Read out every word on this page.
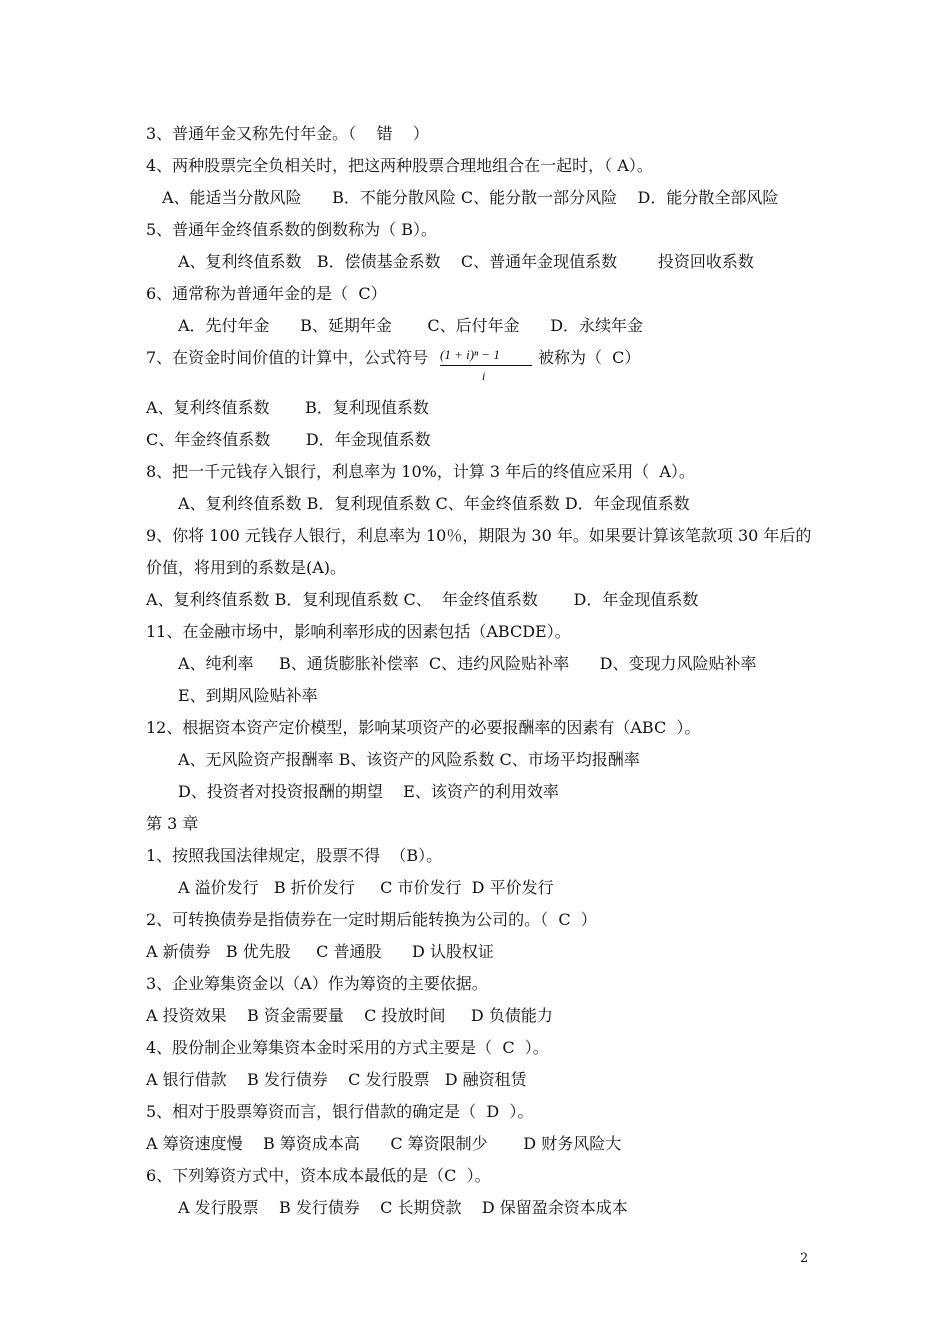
3、普通年金又称先付年金。（    错    ）
4、两种股票完全负相关时，把这两种股票合理地组合在一起时，（ A）。
A、能适当分散风险      B．不能分散风险 C、能分散一部分风险    D．能分散全部风险
5、普通年金终值系数的倒数称为（ B）。
A、复利终值系数   B．偿债基金系数    C、普通年金现值系数        投资回收系数
6、通常称为普通年金的是（  C）
A．先付年金      B、延期年金       C、后付年金      D．永续年金
7、在资金时间价值的计算中，公式符号 $\frac{\text{(1 + i)ⁿ − 1}}{i}$ 被称为（  C）
A、复利终值系数       B．复利现值系数
C、年金终值系数       D．年金现值系数
8、把一千元钱存入银行，利息率为 10%，计算 3 年后的终值应采用（  A）。
A、复利终值系数 B．复利现值系数 C、年金终值系数 D．年金现值系数
9、你将 100 元钱存人银行，利息率为 10％，期限为 30 年。如果要计算该笔款项 30 年后的
价值，将用到的系数是(A)。
A、复利终值系数 B．复利现值系数 C、  年金终值系数       D．年金现值系数
11、在金融市场中，影响利率形成的因素包括（ABCDE）。
A、纯利率     B、通货膨胀补偿率  C、违约风险贴补率      D、变现力风险贴补率
E、到期风险贴补率
12、根据资本资产定价模型，影响某项资产的必要报酬率的因素有（ABC  ）。
A、无风险资产报酬率 B、该资产的风险系数 C、市场平均报酬率
D、投资者对投资报酬的期望    E、该资产的利用效率
第 3 章
1、按照我国法律规定，股票不得  （B）。
A 溢价发行   B 折价发行     C 市价发行  D 平价发行
2、可转换债券是指债券在一定时期后能转换为公司的。（  C  ）
A 新债券   B 优先股     C 普通股      D 认股权证
3、企业筹集资金以（A）作为筹资的主要依据。
A 投资效果    B 资金需要量    C 投放时间     D 负债能力
4、股份制企业筹集资本金时采用的方式主要是（  C  ）。
A 银行借款    B 发行债券    C 发行股票   D 融资租赁
5、相对于股票筹资而言，银行借款的确定是（  D  ）。
A 筹资速度慢    B 筹资成本高      C 筹资限制少       D 财务风险大
6、下列筹资方式中，资本成本最低的是（C  ）。
A 发行股票    B 发行债券    C 长期贷款    D 保留盈余资本成本
2
